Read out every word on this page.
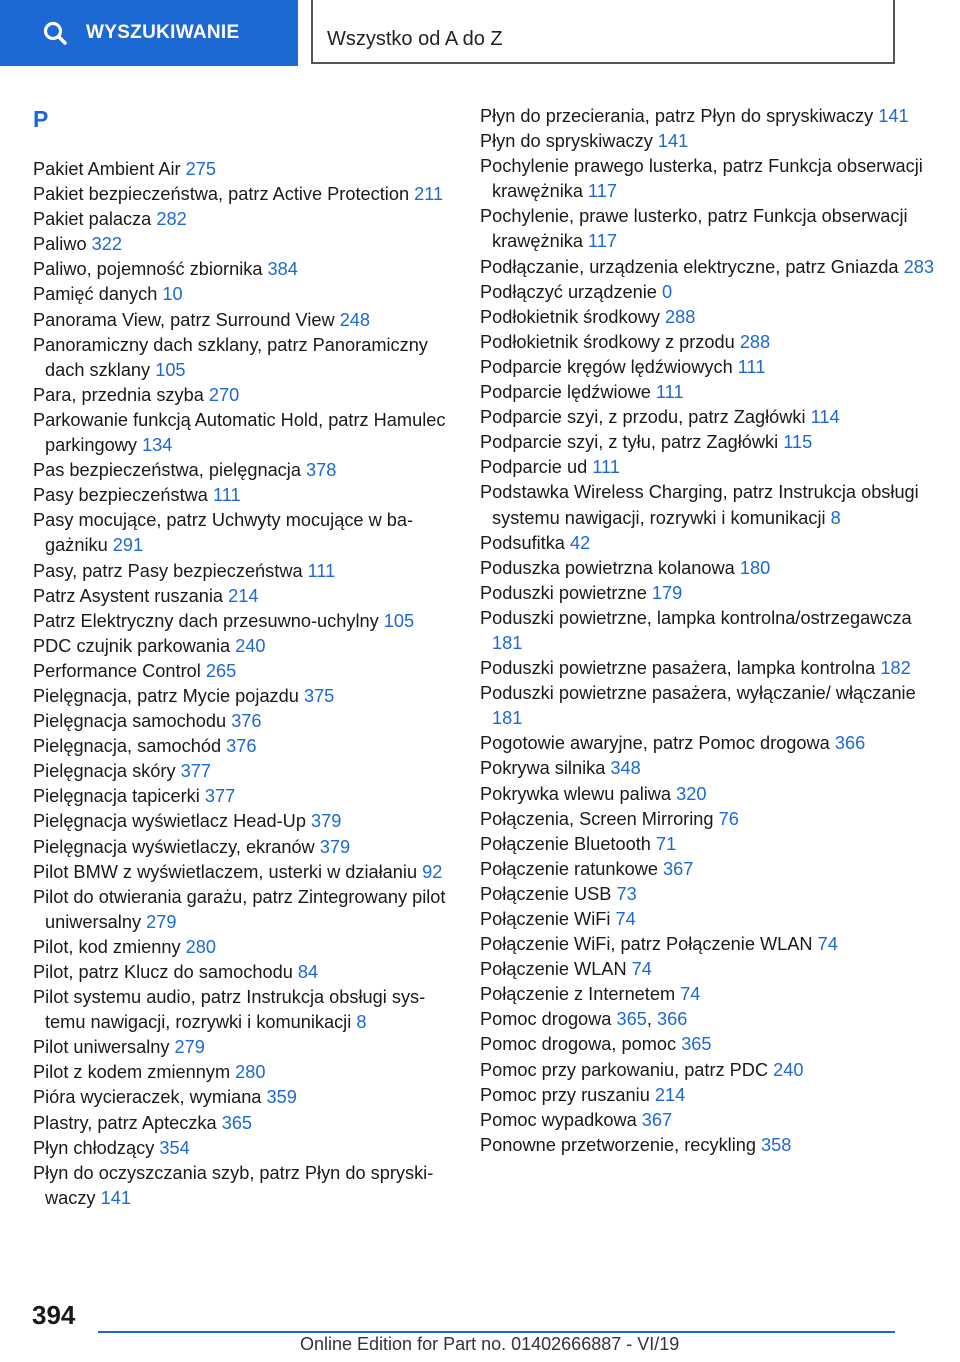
WYSZUKIWANIE	Wszystko od A do Z
P
Pakiet Ambient Air 275
Pakiet bezpieczeństwa, patrz Active Protection 211
Pakiet palacza 282
Paliwo 322
Paliwo, pojemność zbiornika 384
Pamięć danych 10
Panorama View, patrz Surround View 248
Panoramiczny dach szklany, patrz Panoramiczny dach szklany 105
Para, przednia szyba 270
Parkowanie funkcją Automatic Hold, patrz Hamulec parkingowy 134
Pas bezpieczeństwa, pielęgnacja 378
Pasy bezpieczeństwa 111
Pasy mocujące, patrz Uchwyty mocujące w bagażniku 291
Pasy, patrz Pasy bezpieczeństwa 111
Patrz Asystent ruszania 214
Patrz Elektryczny dach przesuwno-uchylny 105
PDC czujnik parkowania 240
Performance Control 265
Pielęgnacja, patrz Mycie pojazdu 375
Pielęgnacja samochodu 376
Pielęgnacja, samochód 376
Pielęgnacja skóry 377
Pielęgnacja tapicerki 377
Pielęgnacja wyświetlacz Head-Up 379
Pielęgnacja wyświetlaczy, ekranów 379
Pilot BMW z wyświetlaczem, usterki w działaniu 92
Pilot do otwierania garażu, patrz Zintegrowany pilot uniwersalny 279
Pilot, kod zmienny 280
Pilot, patrz Klucz do samochodu 84
Pilot systemu audio, patrz Instrukcja obsługi systemu nawigacji, rozrywki i komunikacji 8
Pilot uniwersalny 279
Pilot z kodem zmiennym 280
Pióra wycieraczek, wymiana 359
Plastry, patrz Apteczka 365
Płyn chłodzący 354
Płyn do oczyszczania szyb, patrz Płyn do spryskiwaczy 141
Płyn do przecierania, patrz Płyn do spryskiwaczy 141
Płyn do spryskiwaczy 141
Pochylenie prawego lusterka, patrz Funkcja obserwacji krawężnika 117
Pochylenie, prawe lusterko, patrz Funkcja obserwacji krawężnika 117
Podłączanie, urządzenia elektryczne, patrz Gniazda 283
Podłączyć urządzenie 0
Podłokietnik środkowy 288
Podłokietnik środkowy z przodu 288
Podparcie kręgów lędźwiowych 111
Podparcie lędźwiowe 111
Podparcie szyi, z przodu, patrz Zagłówki 114
Podparcie szyi, z tyłu, patrz Zagłówki 115
Podparcie ud 111
Podstawka Wireless Charging, patrz Instrukcja obsługi systemu nawigacji, rozrywki i komunikacji 8
Podsufitka 42
Poduszka powietrzna kolanowa 180
Poduszki powietrzne 179
Poduszki powietrzne, lampka kontrolna/ostrzegawcza 181
Poduszki powietrzne pasażera, lampka kontrolna 182
Poduszki powietrzne pasażera, wyłączanie/ włączanie 181
Pogotowie awaryjne, patrz Pomoc drogowa 366
Pokrywa silnika 348
Pokrywka wlewu paliwa 320
Połączenia, Screen Mirroring 76
Połączenie Bluetooth 71
Połączenie ratunkowe 367
Połączenie USB 73
Połączenie WiFi 74
Połączenie WiFi, patrz Połączenie WLAN 74
Połączenie WLAN 74
Połączenie z Internetem 74
Pomoc drogowa 365, 366
Pomoc drogowa, pomoc 365
Pomoc przy parkowaniu, patrz PDC 240
Pomoc przy ruszaniu 214
Pomoc wypadkowa 367
Ponowne przetworzenie, recykling 358
394
Online Edition for Part no. 01402666887 - VI/19
